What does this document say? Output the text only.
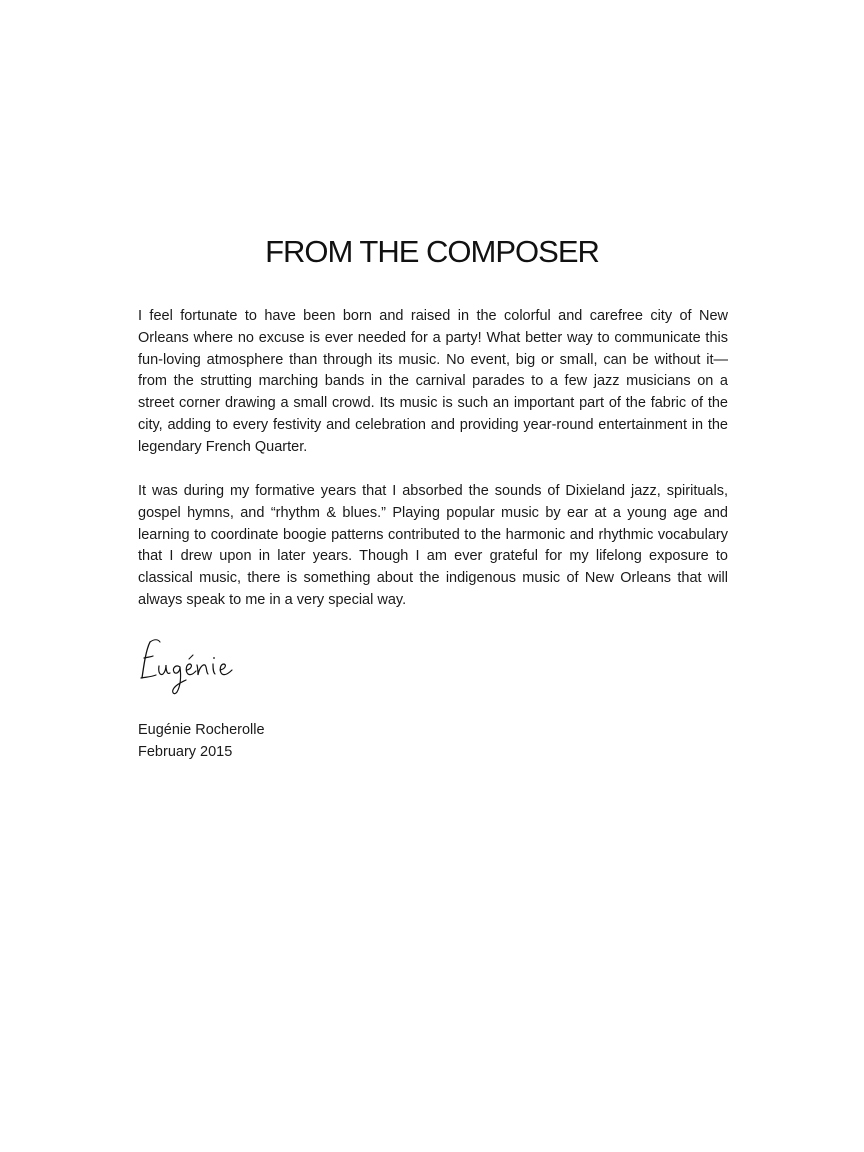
FROM THE COMPOSER

I feel fortunate to have been born and raised in the colorful and carefree city of New Orleans where no excuse is ever needed for a party! What better way to communicate this fun-loving atmosphere than through its music. No event, big or small, can be without it—from the strutting marching bands in the carnival parades to a few jazz musicians on a street corner drawing a small crowd. Its music is such an important part of the fabric of the city, adding to every festivity and celebration and providing year-round entertainment in the legendary French Quarter.

It was during my formative years that I absorbed the sounds of Dixieland jazz, spirituals, gospel hymns, and “rhythm & blues.” Playing popular music by ear at a young age and learning to coordinate boogie patterns contributed to the harmonic and rhythmic vocabulary that I drew upon in later years. Though I am ever grateful for my lifelong exposure to classical music, there is something about the indigenous music of New Orleans that will always speak to me in a very special way.

Eugénie Rocherolle
February 2015
